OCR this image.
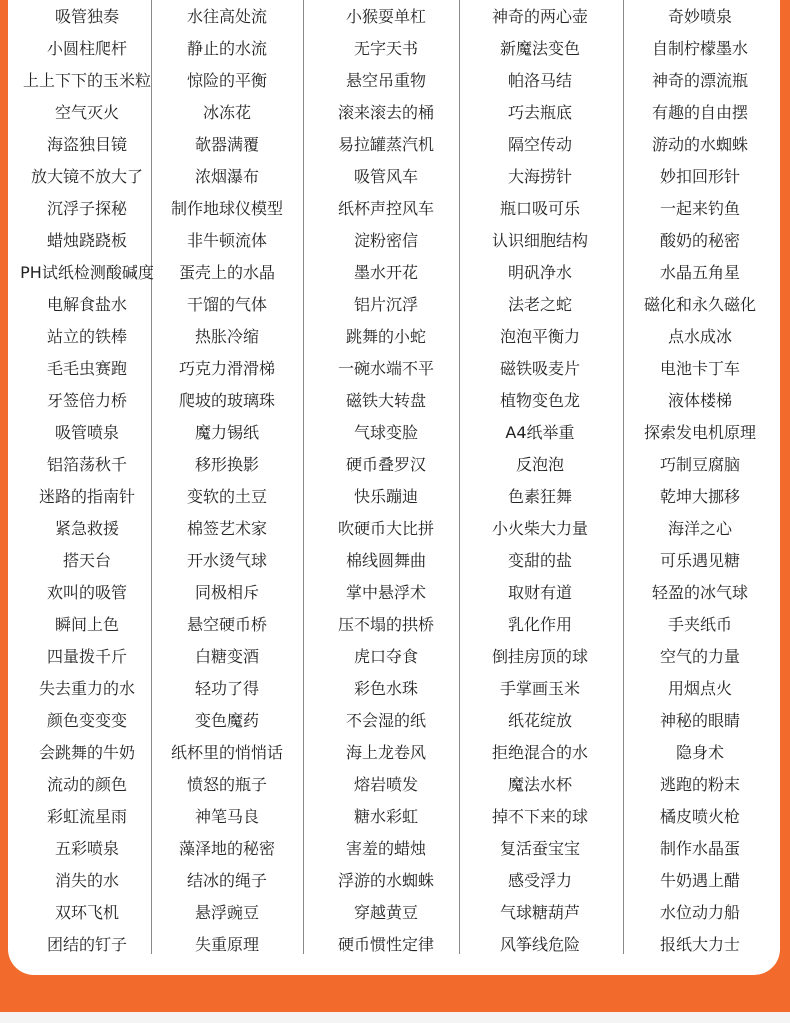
吸管独奏	水往高处流	小猴耍单杠	神奇的两心壶	奇妙喷泉
小圆柱爬杆	静止的水流	无字天书	新魔法变色	自制柠檬墨水
上上下下的玉米粒	惊险的平衡	悬空吊重物	帕洛马结	神奇的漂流瓶
空气灭火	冰冻花	滚来滚去的桶	巧去瓶底	有趣的自由摆
海盗独目镜	欹器满覆	易拉罐蒸汽机	隔空传动	游动的水蜘蛛
放大镜不放大了	浓烟瀑布	吸管风车	大海捞针	妙扣回形针
沉浮子探秘	制作地球仪模型	纸杯声控风车	瓶口吸可乐	一起来钓鱼
蜡烛跷跷板	非牛顿流体	淀粉密信	认识细胞结构	酸奶的秘密
PH试纸检测酸碱度	蛋壳上的水晶	墨水开花	明矾净水	水晶五角星
电解食盐水	干馏的气体	铝片沉浮	法老之蛇	磁化和永久磁化
站立的铁棒	热胀冷缩	跳舞的小蛇	泡泡平衡力	点水成冰
毛毛虫赛跑	巧克力滑滑梯	一碗水端不平	磁铁吸麦片	电池卡丁车
牙签倍力桥	爬坡的玻璃珠	磁铁大转盘	植物变色龙	液体楼梯
吸管喷泉	魔力锡纸	气球变脸	A4纸举重	探索发电机原理
铝箔荡秋千	移形换影	硬币叠罗汉	反泡泡	巧制豆腐脑
迷路的指南针	变软的土豆	快乐蹦迪	色素狂舞	乾坤大挪移
紧急救援	棉签艺术家	吹硬币大比拼	小火柴大力量	海洋之心
搭天台	开水烫气球	棉线圆舞曲	变甜的盐	可乐遇见糖
欢叫的吸管	同极相斥	掌中悬浮术	取财有道	轻盈的冰气球
瞬间上色	悬空硬币桥	压不塌的拱桥	乳化作用	手夹纸币
四量拨千斤	白糖变酒	虎口夺食	倒挂房顶的球	空气的力量
失去重力的水	轻功了得	彩色水珠	手掌画玉米	用烟点火
颜色变变变	变色魔药	不会湿的纸	纸花绽放	神秘的眼睛
会跳舞的牛奶	纸杯里的悄悄话	海上龙卷风	拒绝混合的水	隐身术
流动的颜色	愤怒的瓶子	熔岩喷发	魔法水杯	逃跑的粉末
彩虹流星雨	神笔马良	糖水彩虹	掉不下来的球	橘皮喷火枪
五彩喷泉	藻泽地的秘密	害羞的蜡烛	复活蚕宝宝	制作水晶蛋
消失的水	结冰的绳子	浮游的水蜘蛛	感受浮力	牛奶遇上醋
双环飞机	悬浮豌豆	穿越黄豆	气球糖葫芦	水位动力船
团结的钉子	失重原理	硬币惯性定律	风筝线危险	报纸大力士
